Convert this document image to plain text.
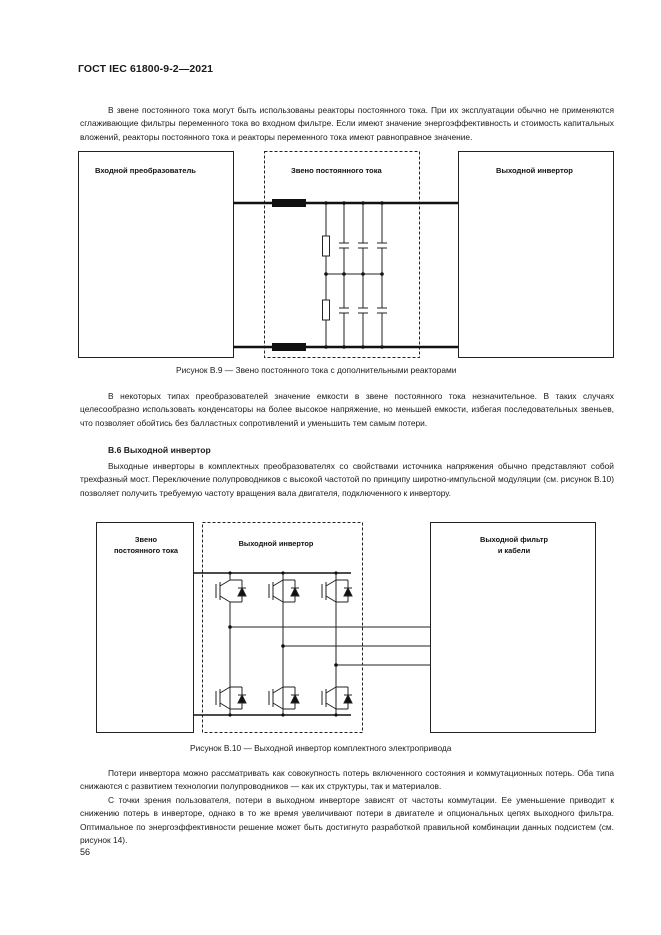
ГОСТ IEC 61800-9-2—2021

В звене постоянного тока могут быть использованы реакторы постоянного тока. При их эксплуатации обычно не применяются сглаживающие фильтры переменного тока во входном фильтре. Если имеют значение энергоэффективность и стоимость капитальных вложений, реакторы постоянного тока и реакторы переменного тока имеют равноправное значение.

Входной преобразователь	Звено постоянного тока	Выходной инвертор
Рисунок В.9 — Звено постоянного тока с дополнительными реакторами

В некоторых типах преобразователей значение емкости в звене постоянного тока незначительное. В таких случаях целесообразно использовать конденсаторы на более высокое напряжение, но меньшей емкости, избегая последовательных звеньев, что позволяет обойтись без балластных сопротивлений и уменьшить тем самым потери.

В.6 Выходной инвертор

Выходные инверторы в комплектных преобразователях со свойствами источника напряжения обычно представляют собой трехфазный мост. Переключение полупроводников с высокой частотой по принципу широтно-импульсной модуляции (см. рисунок В.10) позволяет получить требуемую частоту вращения вала двигателя, подключенного к инвертору.

Звено
постоянного тока
Выходной инвертор	Выходной фильтр
и кабели
Рисунок В.10 — Выходной инвертор комплектного электропривода

Потери инвертора можно рассматривать как совокупность потерь включенного состояния и коммутационных потерь. Оба типа снижаются с развитием технологии полупроводников — как их структуры, так и материалов.

С точки зрения пользователя, потери в выходном инверторе зависят от частоты коммутации. Ее уменьшение приводит к снижению потерь в инверторе, однако в то же время увеличивают потери в двигателе и опциональных цепях выходного фильтра. Оптимальное по энергоэффективности решение может быть достигнуто разработкой правильной комбинации данных подсистем (см. рисунок 14).

56
